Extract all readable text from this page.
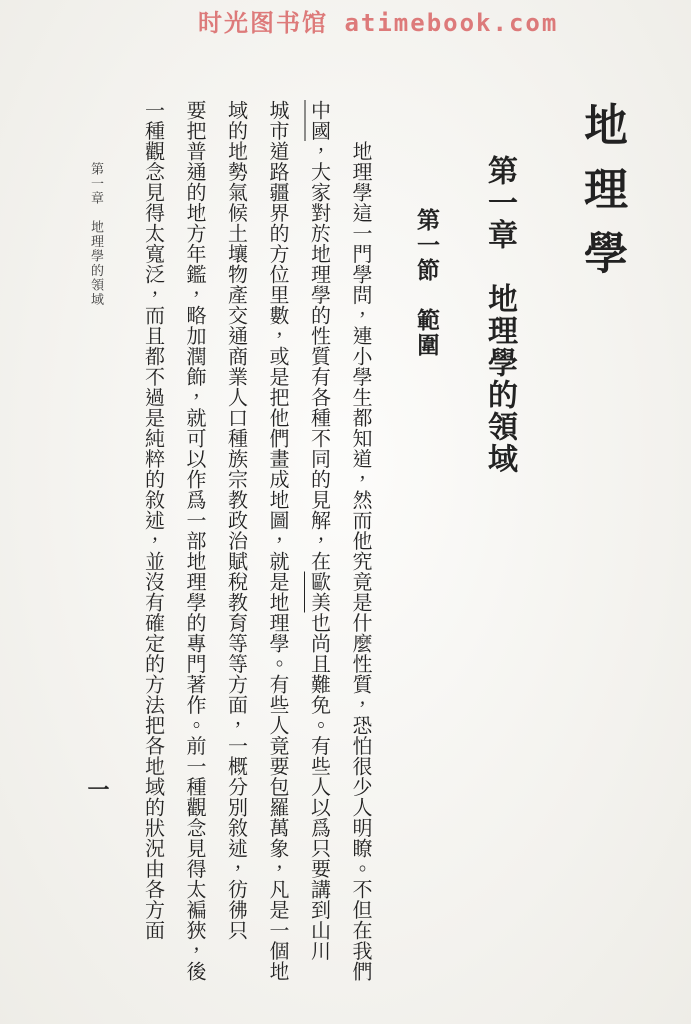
时光图书馆 atimebook.com
地理學
第一章　地理學的領域
第一節　範圍
　　地理學這一門學問，連小學生都知道，然而他究竟是什麼性質，恐怕很少人明瞭。不但在我們
中國，大家對於地理學的性質有各種不同的見解，在歐美也尚且難免。有些人以爲只要講到山川
城市道路疆界的方位里數，或是把他們畫成地圖，就是地理學。有些人竟要包羅萬象，凡是一個地
域的地勢氣候土壤物產交通商業人口種族宗教政治賦稅教育等等方面，一概分別敘述，彷彿只
要把普通的地方年鑑，略加潤飾，就可以作爲一部地理學的專門著作。前一種觀念見得太褊狹，後
一種觀念見得太寬泛，而且都不過是純粹的敘述，並沒有確定的方法把各地域的狀況由各方面
第一章　地理學的領域
一
